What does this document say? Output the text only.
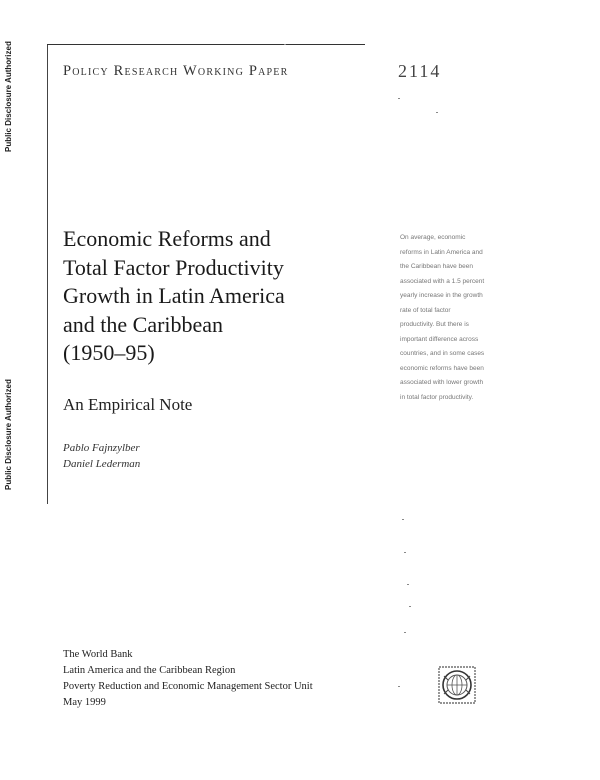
Public Disclosure Authorized
Public Disclosure Authorized
Policy Research Working Paper	2114
Economic Reforms and
Total Factor Productivity
Growth in Latin America
and the Caribbean
(1950–95)
An Empirical Note
Pablo Fajnzylber
Daniel Lederman
On average, economic
reforms in Latin America and
the Caribbean have been
associated with a 1.5 percent
yearly increase in the growth
rate of total factor
productivity. But there is
important difference across
countries, and in some cases
economic reforms have been
associated with lower growth
in total factor productivity.
The World Bank
Latin America and the Caribbean Region
Poverty Reduction and Economic Management Sector Unit
May 1999
